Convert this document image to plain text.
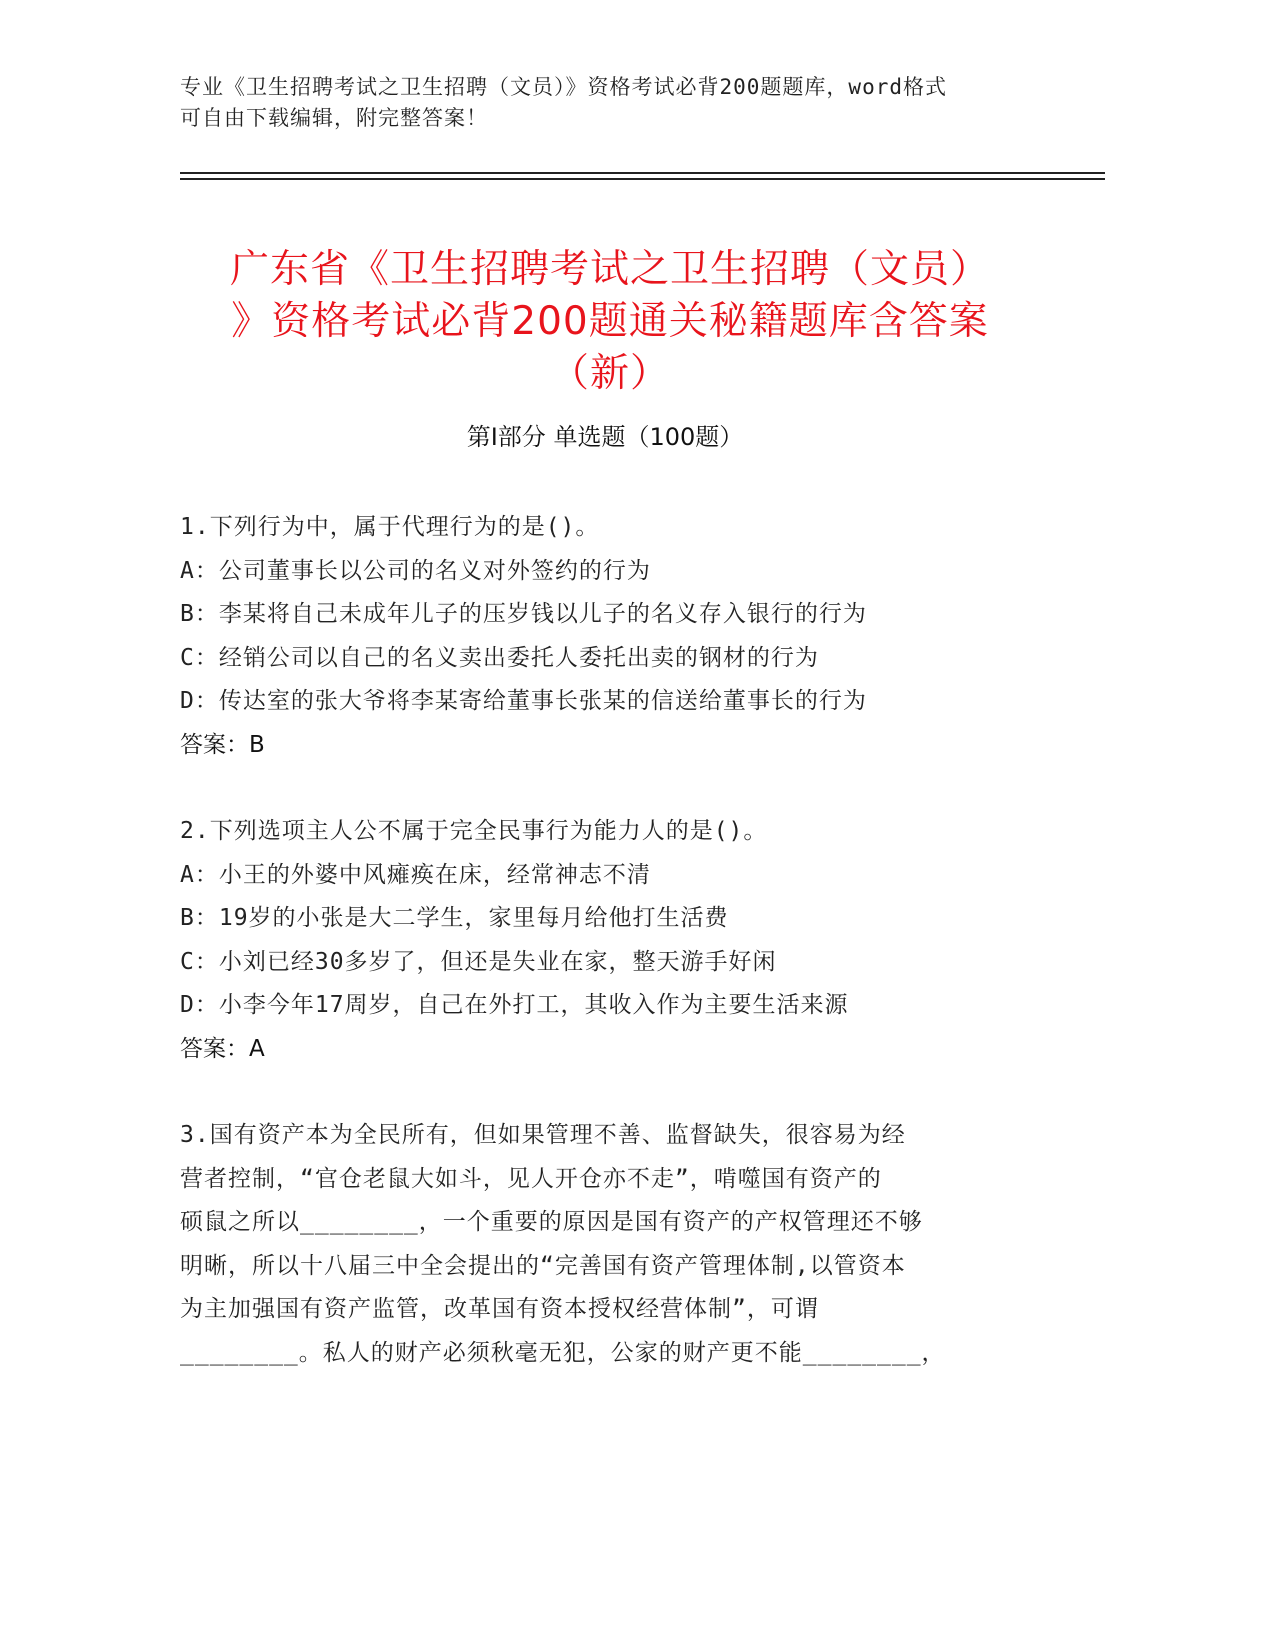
专业《卫生招聘考试之卫生招聘（文员）》资格考试必背200题题库，word格式
可自由下载编辑，附完整答案！
广东省《卫生招聘考试之卫生招聘（文员）
》资格考试必背200题通关秘籍题库含答案
（新）
第I部分 单选题（100题）
1.下列行为中，属于代理行为的是()。
A：公司董事长以公司的名义对外签约的行为
B：李某将自己未成年儿子的压岁钱以儿子的名义存入银行的行为
C：经销公司以自己的名义卖出委托人委托出卖的钢材的行为
D：传达室的张大爷将李某寄给董事长张某的信送给董事长的行为
答案：B
2.下列选项主人公不属于完全民事行为能力人的是()。
A：小王的外婆中风瘫痪在床，经常神志不清
B：19岁的小张是大二学生，家里每月给他打生活费
C：小刘已经30多岁了，但还是失业在家，整天游手好闲
D：小李今年17周岁，自己在外打工，其收入作为主要生活来源
答案：A
3.国有资产本为全民所有，但如果管理不善、监督缺失，很容易为经
营者控制，“官仓老鼠大如斗，见人开仓亦不走”，啃噬国有资产的
硕鼠之所以________，一个重要的原因是国有资产的产权管理还不够
明晰，所以十八届三中全会提出的“完善国有资产管理体制,以管资本
为主加强国有资产监管，改革国有资本授权经营体制”，可谓
________。私人的财产必须秋毫无犯，公家的财产更不能________，
